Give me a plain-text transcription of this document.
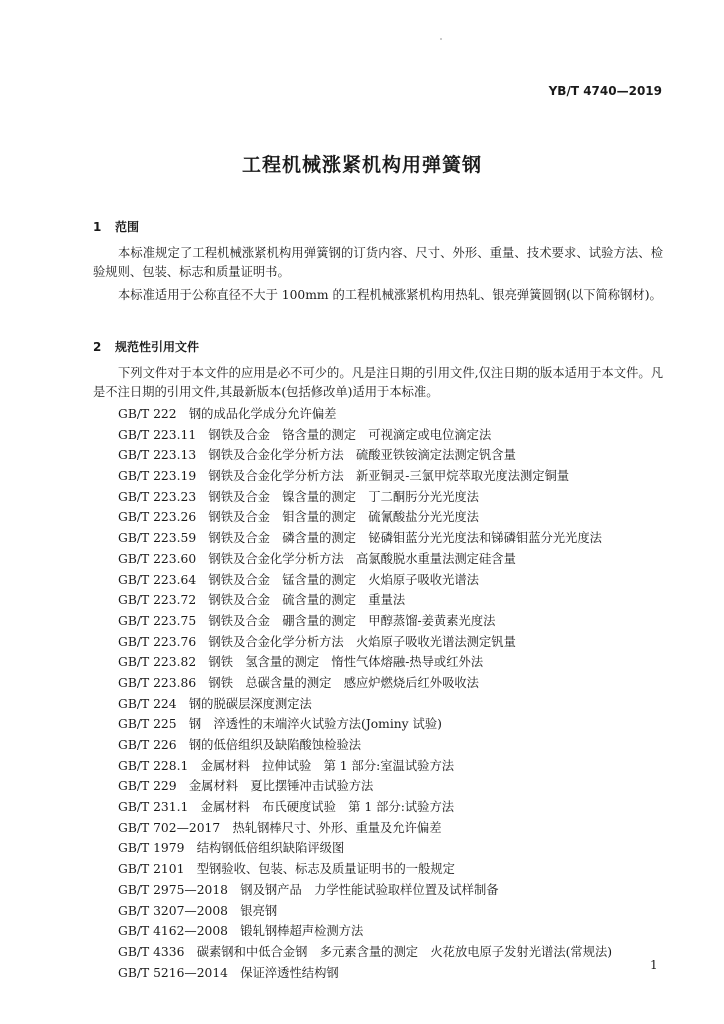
YB/T 4740—2019
工程机械涨紧机构用弹簧钢
1 范围

本标准规定了工程机械涨紧机构用弹簧钢的订货内容、尺寸、外形、重量、技术要求、试验方法、检验规则、包装、标志和质量证明书。

本标准适用于公称直径不大于 100mm 的工程机械涨紧机构用热轧、银亮弹簧圆钢(以下简称钢材)。

2 规范性引用文件

下列文件对于本文件的应用是必不可少的。凡是注日期的引用文件,仅注日期的版本适用于本文件。凡是不注日期的引用文件,其最新版本(包括修改单)适用于本标准。

GB/T 222　钢的成品化学成分允许偏差
GB/T 223.11　钢铁及合金　铬含量的测定　可视滴定或电位滴定法
GB/T 223.13　钢铁及合金化学分析方法　硫酸亚铁铵滴定法测定钒含量
GB/T 223.19　钢铁及合金化学分析方法　新亚铜灵-三氯甲烷萃取光度法测定铜量
GB/T 223.23　钢铁及合金　镍含量的测定　丁二酮肟分光光度法
GB/T 223.26　钢铁及合金　钼含量的测定　硫氰酸盐分光光度法
GB/T 223.59　钢铁及合金　磷含量的测定　铋磷钼蓝分光光度法和锑磷钼蓝分光光度法
GB/T 223.60　钢铁及合金化学分析方法　高氯酸脱水重量法测定硅含量
GB/T 223.64　钢铁及合金　锰含量的测定　火焰原子吸收光谱法
GB/T 223.72　钢铁及合金　硫含量的测定　重量法
GB/T 223.75　钢铁及合金　硼含量的测定　甲醇蒸馏-姜黄素光度法
GB/T 223.76　钢铁及合金化学分析方法　火焰原子吸收光谱法测定钒量
GB/T 223.82　钢铁　氢含量的测定　惰性气体熔融-热导或红外法
GB/T 223.86　钢铁　总碳含量的测定　感应炉燃烧后红外吸收法
GB/T 224　钢的脱碳层深度测定法
GB/T 225　钢　淬透性的末端淬火试验方法(Jominy 试验)
GB/T 226　钢的低倍组织及缺陷酸蚀检验法
GB/T 228.1　金属材料　拉伸试验　第 1 部分:室温试验方法
GB/T 229　金属材料　夏比摆锤冲击试验方法
GB/T 231.1　金属材料　布氏硬度试验　第 1 部分:试验方法
GB/T 702—2017　热轧钢棒尺寸、外形、重量及允许偏差
GB/T 1979　结构钢低倍组织缺陷评级图
GB/T 2101　型钢验收、包装、标志及质量证明书的一般规定
GB/T 2975—2018　钢及钢产品　力学性能试验取样位置及试样制备
GB/T 3207—2008　银亮钢
GB/T 4162—2008　锻轧钢棒超声检测方法
GB/T 4336　碳素钢和中低合金钢　多元素含量的测定　火花放电原子发射光谱法(常规法)
GB/T 5216—2014　保证淬透性结构钢
1
